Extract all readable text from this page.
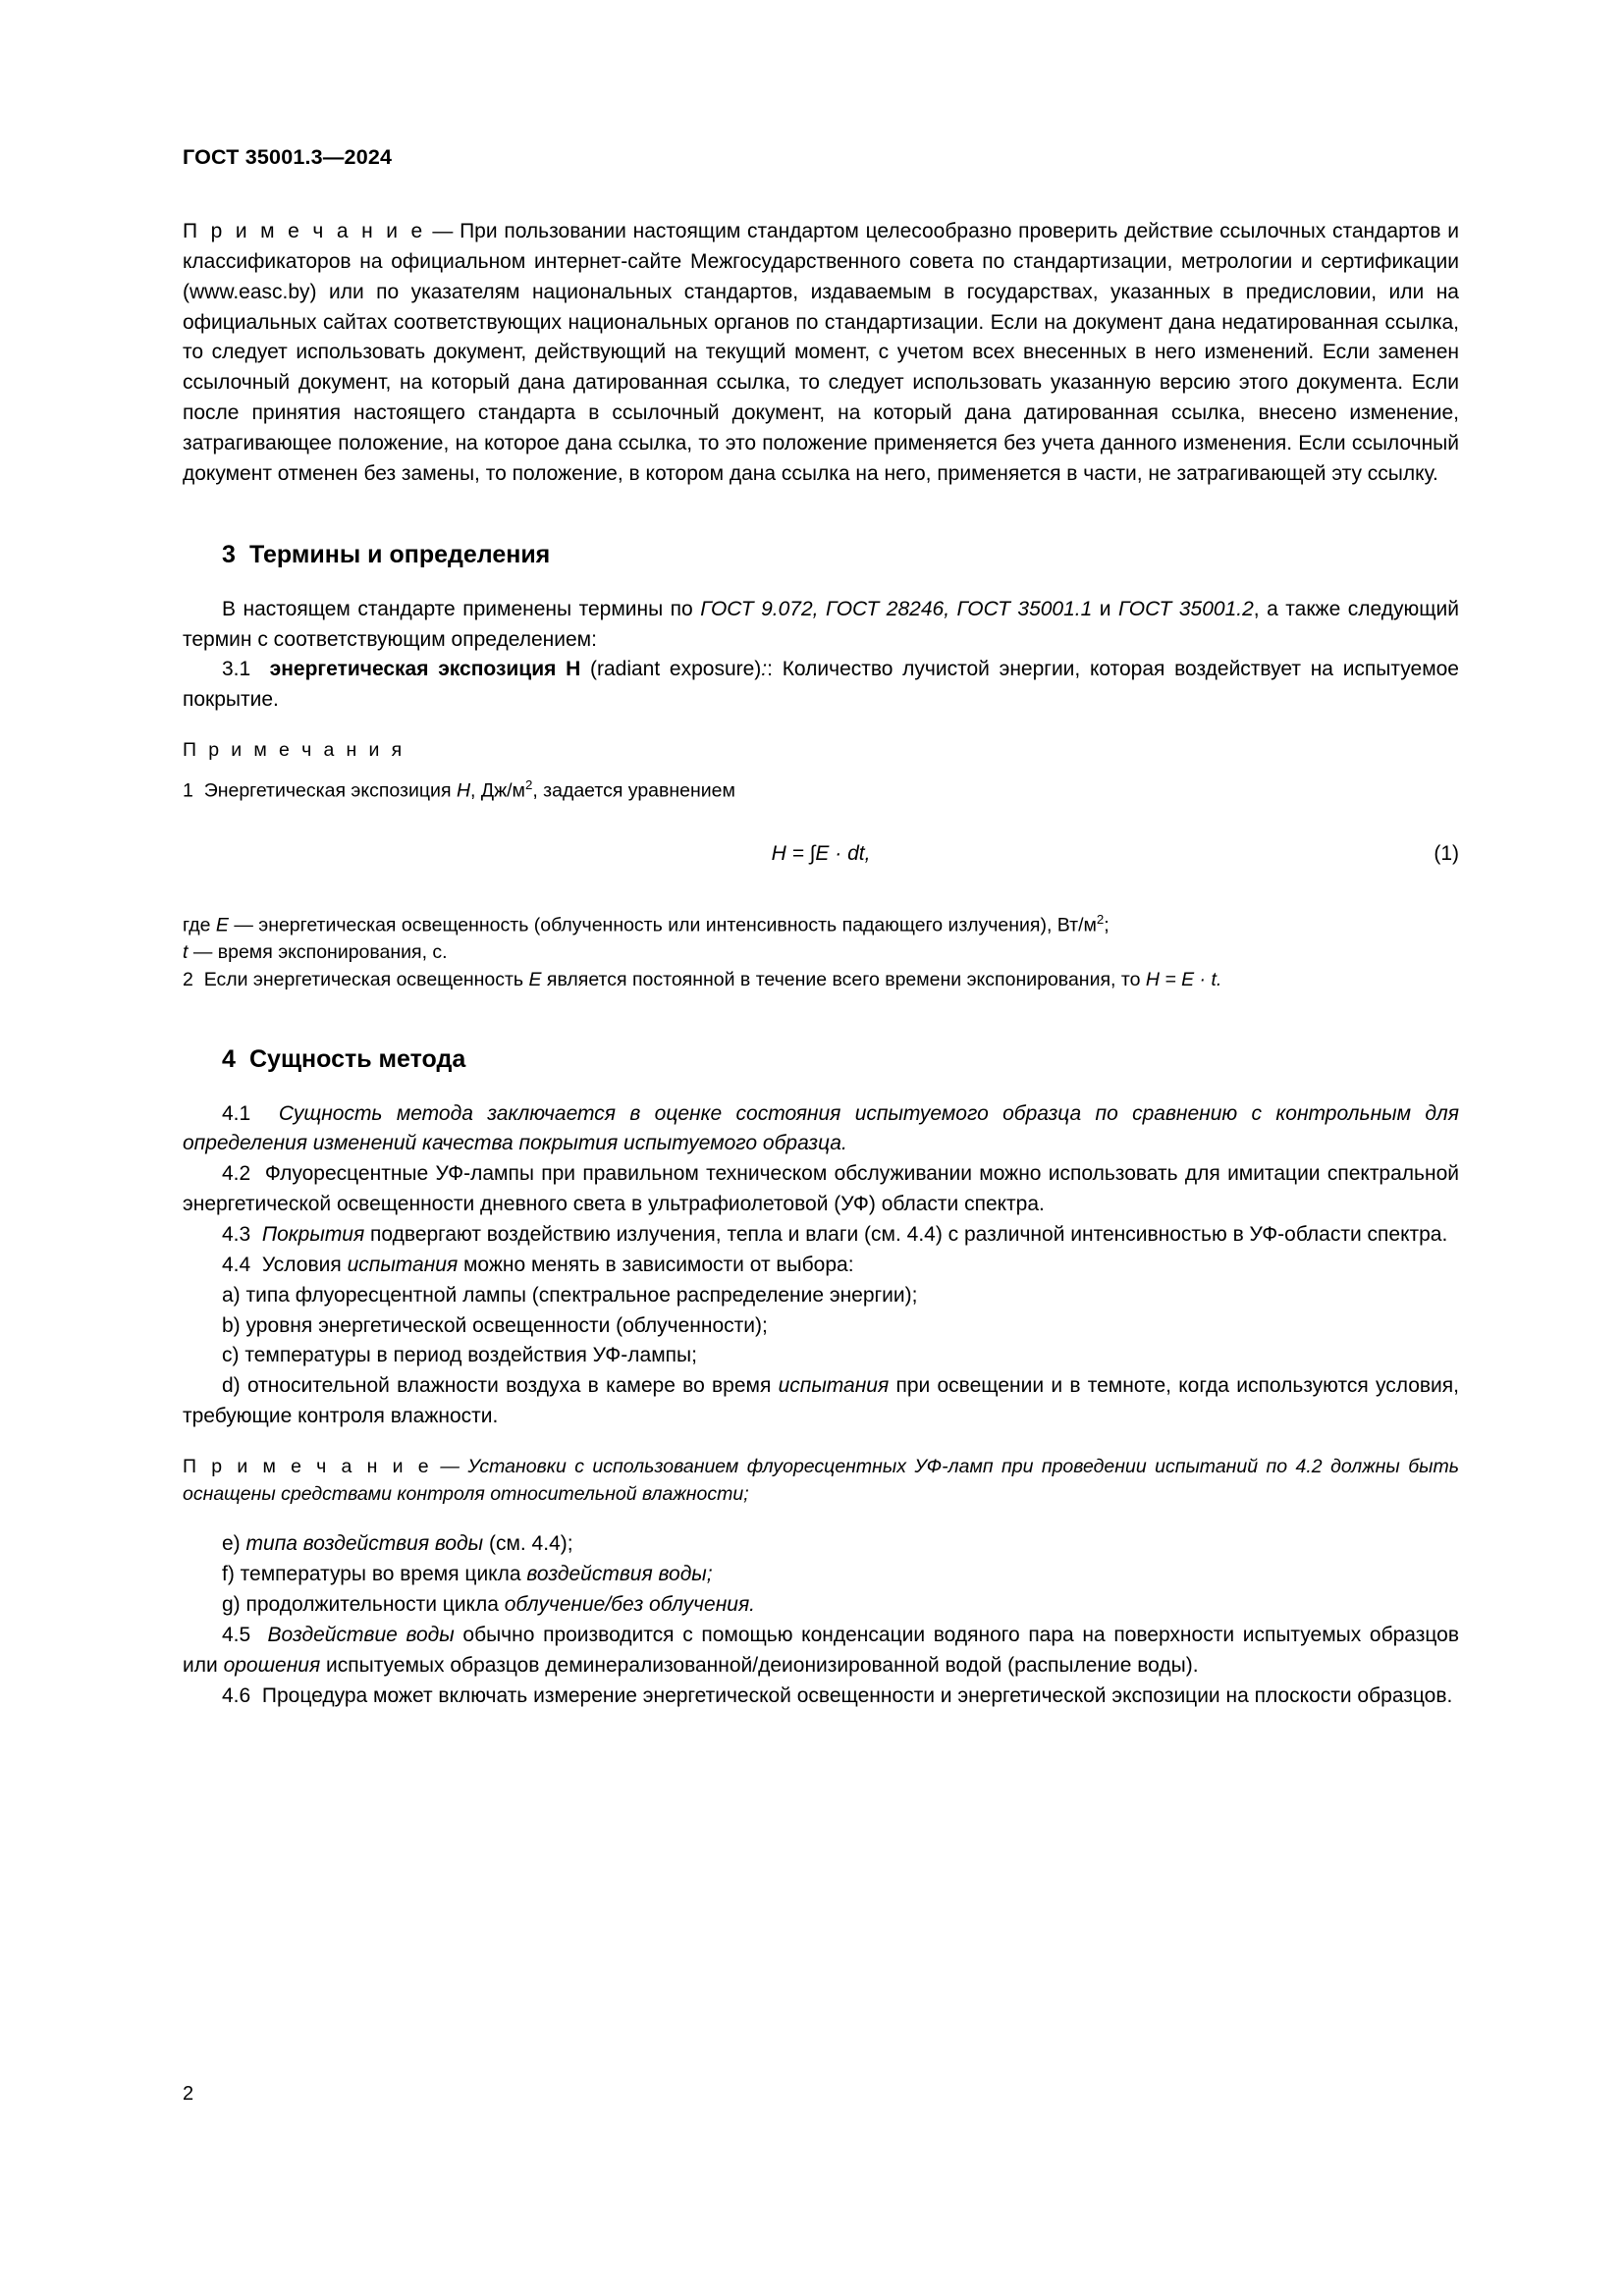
ГОСТ 35001.3—2024

П р и м е ч а н и е — При пользовании настоящим стандартом целесообразно проверить действие ссылочных стандартов и классификаторов на официальном интернет-сайте Межгосударственного совета по стандартизации, метрологии и сертификации (www.easc.by) или по указателям национальных стандартов, издаваемым в государствах, указанных в предисловии, или на официальных сайтах соответствующих национальных органов по стандартизации. Если на документ дана недатированная ссылка, то следует использовать документ, действующий на текущий момент, с учетом всех внесенных в него изменений. Если заменен ссылочный документ, на который дана датированная ссылка, то следует использовать указанную версию этого документа. Если после принятия настоящего стандарта в ссылочный документ, на который дана датированная ссылка, внесено изменение, затрагивающее положение, на которое дана ссылка, то это положение применяется без учета данного изменения. Если ссылочный документ отменен без замены, то положение, в котором дана ссылка на него, применяется в части, не затрагивающей эту ссылку.

3 Термины и определения

В настоящем стандарте применены термины по ГОСТ 9.072, ГОСТ 28246, ГОСТ 35001.1 и ГОСТ 35001.2, а также следующий термин с соответствующим определением:

3.1 энергетическая экспозиция H (radiant exposure):: Количество лучистой энергии, которая воздействует на испытуемое покрытие.

П р и м е ч а н и я

1 Энергетическая экспозиция H, $Дж/м^2$, задается уравнением

H = ∫E · dt,	(1)

где E — энергетическая освещенность (облученность или интенсивность падающего излучения), $Вт/м^2$;

t — время экспонирования, с.

2 Если энергетическая освещенность E является постоянной в течение всего времени экспонирования, то H = E · t.

4 Сущность метода

4.1 Сущность метода заключается в оценке состояния испытуемого образца по сравнению с контрольным для определения изменений качества покрытия испытуемого образца.

4.2 Флуоресцентные УФ-лампы при правильном техническом обслуживании можно использовать для имитации спектральной энергетической освещенности дневного света в ультрафиолетовой (УФ) области спектра.

4.3 Покрытия подвергают воздействию излучения, тепла и влаги (см. 4.4) с различной интенсивностью в УФ-области спектра.

4.4 Условия испытания можно менять в зависимости от выбора:

a) типа флуоресцентной лампы (спектральное распределение энергии);

b) уровня энергетической освещенности (облученности);

c) температуры в период воздействия УФ-лампы;

d) относительной влажности воздуха в камере во время испытания при освещении и в темноте, когда используются условия, требующие контроля влажности.

П р и м е ч а н и е — Установки с использованием флуоресцентных УФ-ламп при проведении испытаний по 4.2 должны быть оснащены средствами контроля относительной влажности;

e) типа воздействия воды (см. 4.4);

f) температуры во время цикла воздействия воды;

g) продолжительности цикла облучение/без облучения.

4.5 Воздействие воды обычно производится с помощью конденсации водяного пара на поверхности испытуемых образцов или орошения испытуемых образцов деминерализованной/деионизированной водой (распыление воды).

4.6 Процедура может включать измерение энергетической освещенности и энергетической экспозиции на плоскости образцов.

2
